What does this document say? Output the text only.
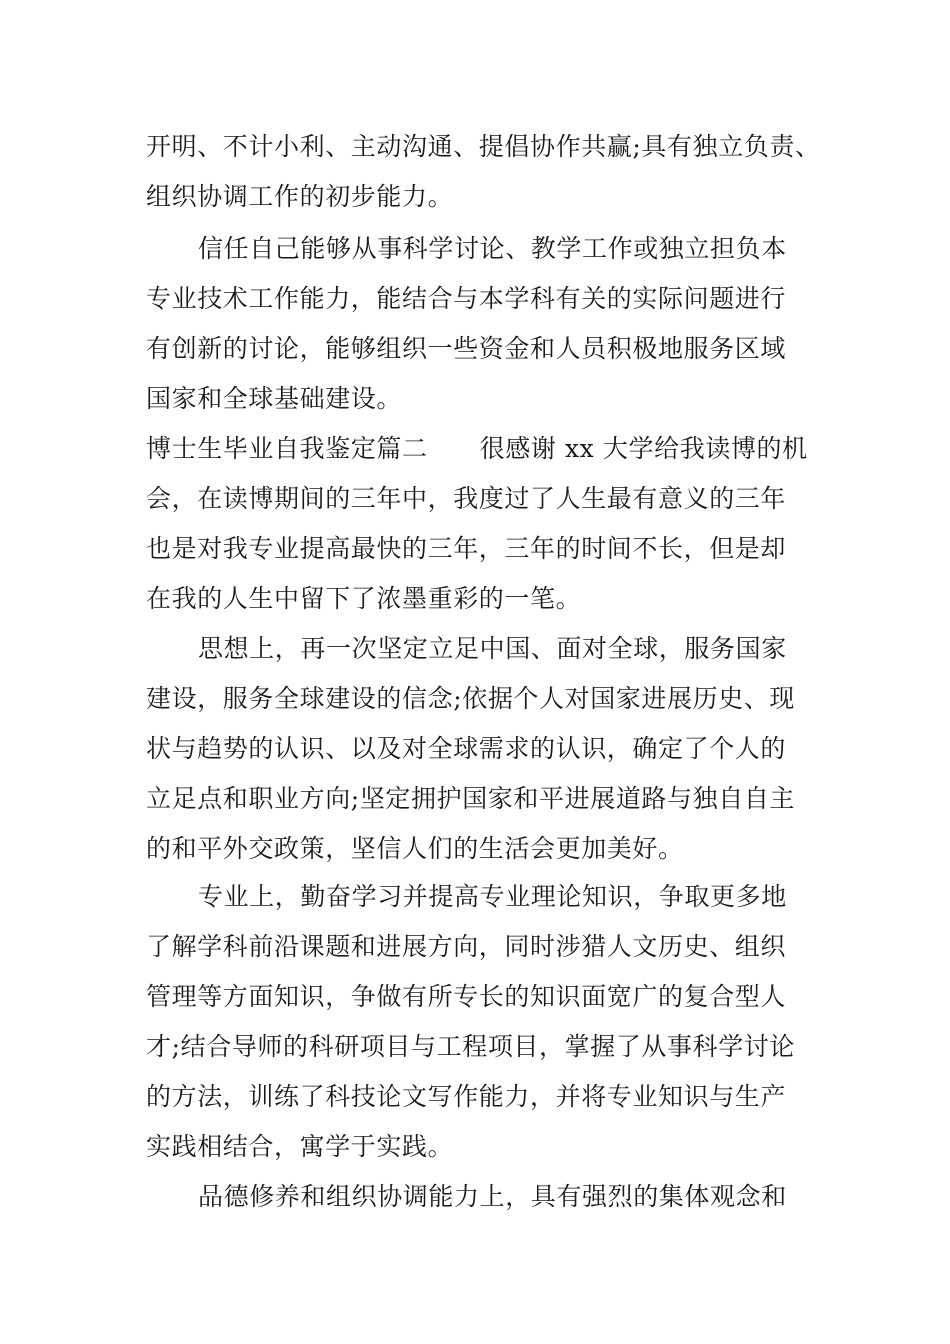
开明、不计小利、主动沟通、提倡协作共赢;具有独立负责、
组织协调工作的初步能力。
信任自己能够从事科学讨论、教学工作或独立担负本
专业技术工作能力，能结合与本学科有关的实际问题进行
有创新的讨论，能够组织一些资金和人员积极地服务区域
国家和全球基础建设。
博士生毕业自我鉴定篇二 很感谢 xx 大学给我读博的机
会，在读博期间的三年中，我度过了人生最有意义的三年
也是对我专业提高最快的三年，三年的时间不长，但是却
在我的人生中留下了浓墨重彩的一笔。
思想上，再一次坚定立足中国、面对全球，服务国家
建设，服务全球建设的信念;依据个人对国家进展历史、现
状与趋势的认识、以及对全球需求的认识，确定了个人的
立足点和职业方向;坚定拥护国家和平进展道路与独自自主
的和平外交政策，坚信人们的生活会更加美好。
专业上，勤奋学习并提高专业理论知识，争取更多地
了解学科前沿课题和进展方向，同时涉猎人文历史、组织
管理等方面知识，争做有所专长的知识面宽广的复合型人
才;结合导师的科研项目与工程项目，掌握了从事科学讨论
的方法，训练了科技论文写作能力，并将专业知识与生产
实践相结合，寓学于实践。
品德修养和组织协调能力上，具有强烈的集体观念和
